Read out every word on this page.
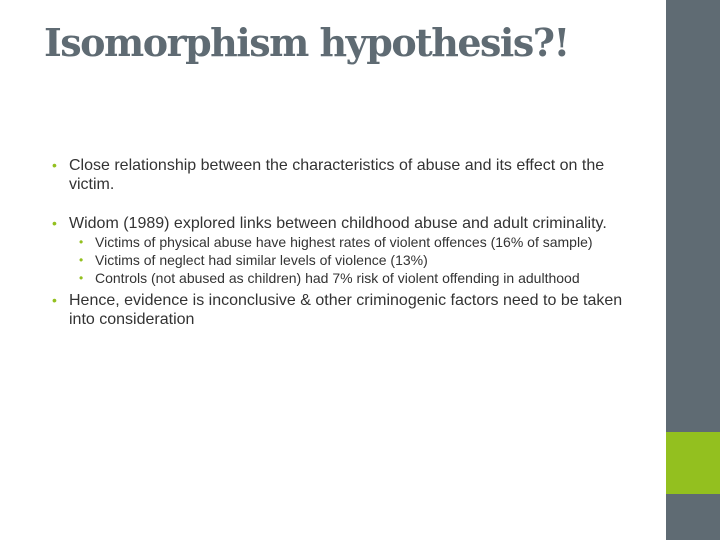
Isomorphism hypothesis?!
• Close relationship between the characteristics of abuse and its effect on the victim.
• Widom (1989) explored links between childhood abuse and adult criminality.
• Victims of physical abuse have highest rates of violent offences (16% of sample)
• Victims of neglect had similar levels of violence (13%)
• Controls (not abused as children) had 7% risk of violent offending in adulthood
• Hence, evidence is inconclusive & other criminogenic factors need to be taken into consideration
